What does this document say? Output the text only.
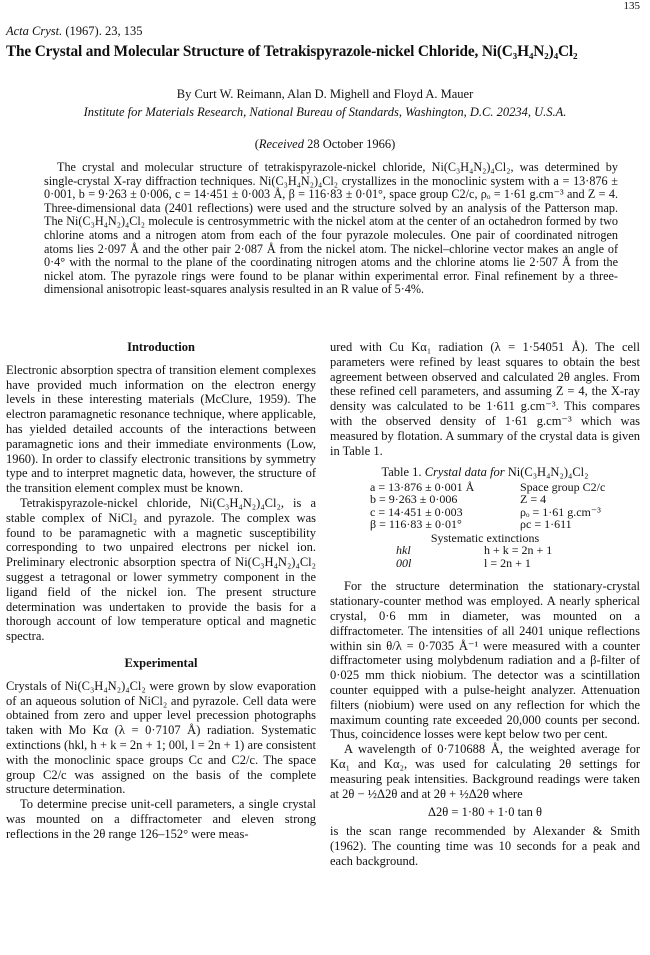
135
Acta Cryst. (1967). 23, 135
The Crystal and Molecular Structure of Tetrakispyrazole-nickel Chloride, Ni(C₃H₄N₂)₄Cl₂
By Curt W. Reimann, Alan D. Mighell and Floyd A. Mauer
Institute for Materials Research, National Bureau of Standards, Washington, D.C. 20234, U.S.A.
(Received 28 October 1966)
The crystal and molecular structure of tetrakispyrazole-nickel chloride, Ni(C₃H₄N₂)₄Cl₂, was determined by single-crystal X-ray diffraction techniques. Ni(C₃H₄N₂)₄Cl₂ crystallizes in the monoclinic system with a = 13·876 ± 0·001, b = 9·263 ± 0·006, c = 14·451 ± 0·003 Å, β = 116·83 ± 0·01°, space group C2/c, ρₒ = 1·61 g.cm⁻³ and Z = 4. Three-dimensional data (2401 reflections) were used and the structure solved by an analysis of the Patterson map. The Ni(C₃H₄N₂)₄Cl₂ molecule is centrosymmetric with the nickel atom at the center of an octahedron formed by two chlorine atoms and a nitrogen atom from each of the four pyrazole molecules. One pair of coordinated nitrogen atoms lies 2·097 Å and the other pair 2·087 Å from the nickel atom. The nickel–chlorine vector makes an angle of 0·4° with the normal to the plane of the coordinating nitrogen atoms and the chlorine atoms lie 2·507 Å from the nickel atom. The pyrazole rings were found to be planar within experimental error. Final refinement by a three-dimensional anisotropic least-squares analysis resulted in an R value of 5·4%.
Introduction

Electronic absorption spectra of transition element complexes have provided much information on the electron energy levels in these interesting materials (McClure, 1959). The electron paramagnetic resonance technique, where applicable, has yielded detailed accounts of the interactions between paramagnetic ions and their immediate environments (Low, 1960). In order to classify electronic transitions by symmetry type and to interpret magnetic data, however, the structure of the transition element complex must be known.

Tetrakispyrazole-nickel chloride, Ni(C₃H₄N₂)₄Cl₂, is a stable complex of NiCl₂ and pyrazole. The complex was found to be paramagnetic with a magnetic susceptibility corresponding to two unpaired electrons per nickel ion. Preliminary electronic absorption spectra of Ni(C₃H₄N₂)₄Cl₂ suggest a tetragonal or lower symmetry component in the ligand field of the nickel ion. The present structure determination was undertaken to provide the basis for a thorough account of low temperature optical and magnetic spectra.

Experimental

Crystals of Ni(C₃H₄N₂)₄Cl₂ were grown by slow evaporation of an aqueous solution of NiCl₂ and pyrazole. Cell data were obtained from zero and upper level precession photographs taken with Mo Kα (λ = 0·7107 Å) radiation. Systematic extinctions (hkl, h + k = 2n + 1; 00l, l = 2n + 1) are consistent with the monoclinic space groups Cc and C2/c. The space group C2/c was assigned on the basis of the complete structure determination.

To determine precise unit-cell parameters, a single crystal was mounted on a diffractometer and eleven strong reflections in the 2θ range 126–152° were meas-

ured with Cu Kα₁ radiation (λ = 1·54051 Å). The cell parameters were refined by least squares to obtain the best agreement between observed and calculated 2θ angles. From these refined cell parameters, and assuming Z = 4, the X-ray density was calculated to be 1·611 g.cm⁻³. This compares with the observed density of 1·61 g.cm⁻³ which was measured by flotation. A summary of the crystal data is given in Table 1.

Table 1. Crystal data for Ni(C₃H₄N₂)₄Cl₂
a = 13·876 ± 0·001 Å	Space group C2/c
b = 9·263 ± 0·006	Z = 4
c = 14·451 ± 0·003	ρₒ = 1·61 g.cm⁻³
β = 116·83 ± 0·01°	ρc = 1·611
Systematic extinctions
hkl	h + k = 2n + 1
00l	l = 2n + 1

For the structure determination the stationary-crystal stationary-counter method was employed. A nearly spherical crystal, 0·6 mm in diameter, was mounted on a diffractometer. The intensities of all 2401 unique reflections within sin θ/λ = 0·7035 Å⁻¹ were measured with a counter diffractometer using molybdenum radiation and a β-filter of 0·025 mm thick niobium. The detector was a scintillation counter equipped with a pulse-height analyzer. Attenuation filters (niobium) were used on any reflection for which the maximum counting rate exceeded 20,000 counts per second. Thus, coincidence losses were kept below two per cent.

A wavelength of 0·710688 Å, the weighted average for Kα₁ and Kα₂, was used for calculating 2θ settings for measuring peak intensities. Background readings were taken at 2θ − ½Δ2θ and at 2θ + ½Δ2θ where

Δ2θ = 1·80 + 1·0 tan θ

is the scan range recommended by Alexander & Smith (1962). The counting time was 10 seconds for a peak and each background.
